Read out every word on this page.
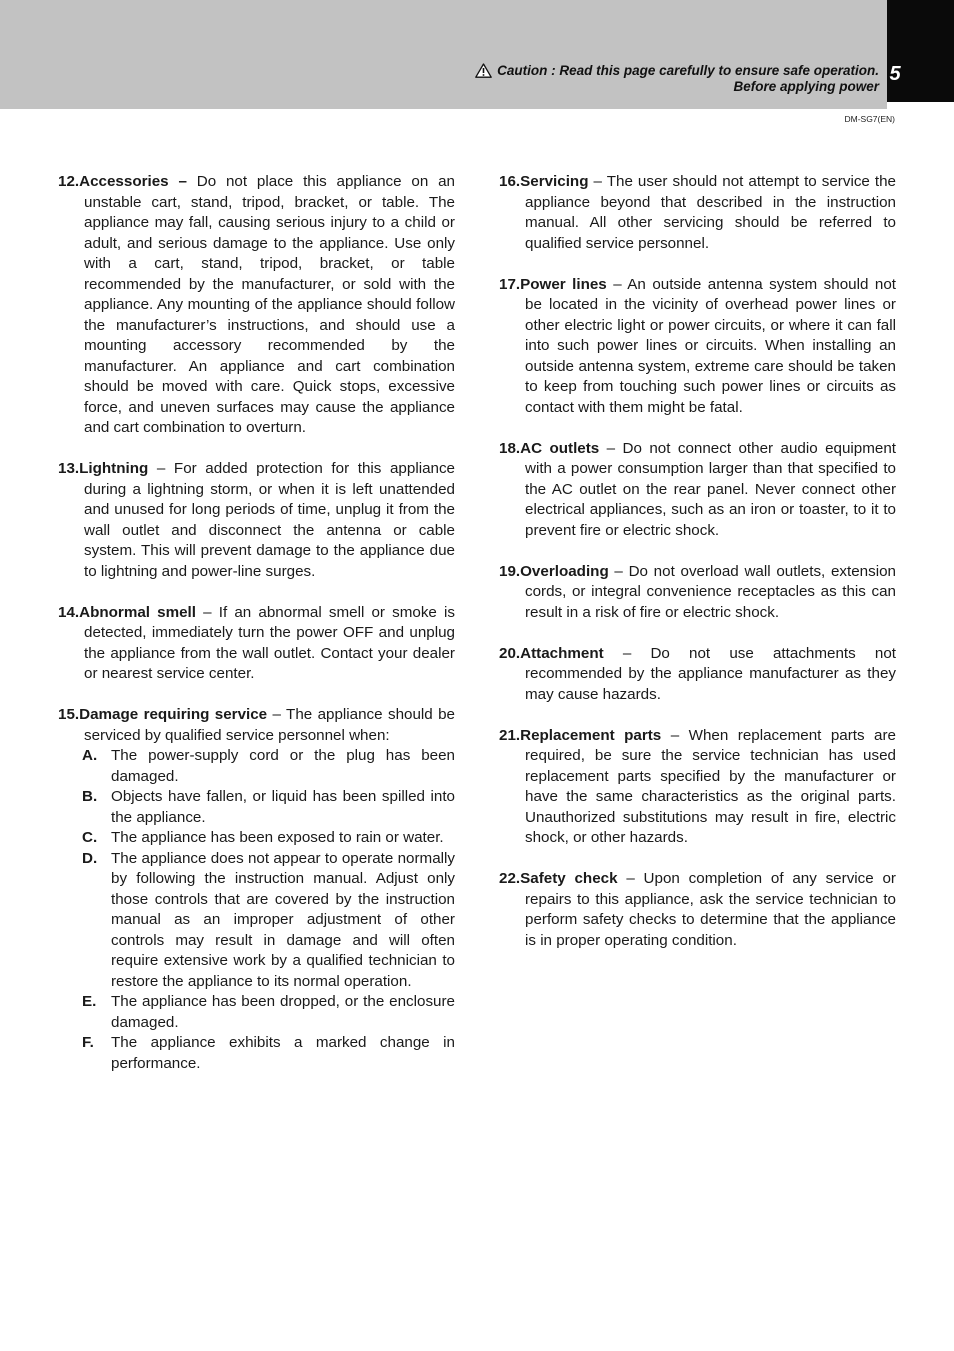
5
Caution : Read this page carefully to ensure safe operation.
Before applying power
DM-SG7(EN)

12.Accessories – Do not place this appliance on an unstable cart, stand, tripod, bracket, or table. The appliance may fall, causing serious injury to a child or adult, and serious damage to the appliance. Use only with a cart, stand, tripod, bracket, or table recommended by the manufacturer, or sold with the appliance. Any mounting of the appliance should follow the manufacturer’s instructions, and should use a mounting accessory recommended by the manufacturer. An appliance and cart combination should be moved with care. Quick stops, excessive force, and uneven surfaces may cause the appliance and cart combination to overturn.

13.Lightning – For added protection for this appliance during a lightning storm, or when it is left unattended and unused for long periods of time, unplug it from the wall outlet and disconnect the antenna or cable system. This will prevent damage to the appliance due to lightning and power-line surges.

14.Abnormal smell – If an abnormal smell or smoke is detected, immediately turn the power OFF and unplug the appliance from the wall outlet. Contact your dealer or nearest service center.

15.Damage requiring service – The appliance should be serviced by qualified service personnel when:

A. The power-supply cord or the plug has been damaged.
B. Objects have fallen, or liquid has been spilled into the appliance.
C. The appliance has been exposed to rain or water.
D. The appliance does not appear to operate normally by following the instruction manual. Adjust only those controls that are covered by the instruction manual as an improper adjustment of other controls may result in damage and will often require extensive work by a qualified technician to restore the appliance to its normal operation.
E. The appliance has been dropped, or the enclosure damaged.
F. The appliance exhibits a marked change in performance.

16.Servicing – The user should not attempt to service the appliance beyond that described in the instruction manual. All other servicing should be referred to qualified service personnel.

17.Power lines – An outside antenna system should not be located in the vicinity of overhead power lines or other electric light or power circuits, or where it can fall into such power lines or circuits. When installing an outside antenna system, extreme care should be taken to keep from touching such power lines or circuits as contact with them might be fatal.

18.AC outlets – Do not connect other audio equipment with a power consumption larger than that specified to the AC outlet on the rear panel. Never connect other electrical appliances, such as an iron or toaster, to it to prevent fire or electric shock.

19.Overloading – Do not overload wall outlets, extension cords, or integral convenience receptacles as this can result in a risk of fire or electric shock.

20.Attachment – Do not use attachments not recommended by the appliance manufacturer as they may cause hazards.

21.Replacement parts – When replacement parts are required, be sure the service technician has used replacement parts specified by the manufacturer or have the same characteristics as the original parts. Unauthorized substitutions may result in fire, electric shock, or other hazards.

22.Safety check – Upon completion of any service or repairs to this appliance, ask the service technician to perform safety checks to determine that the appliance is in proper operating condition.
